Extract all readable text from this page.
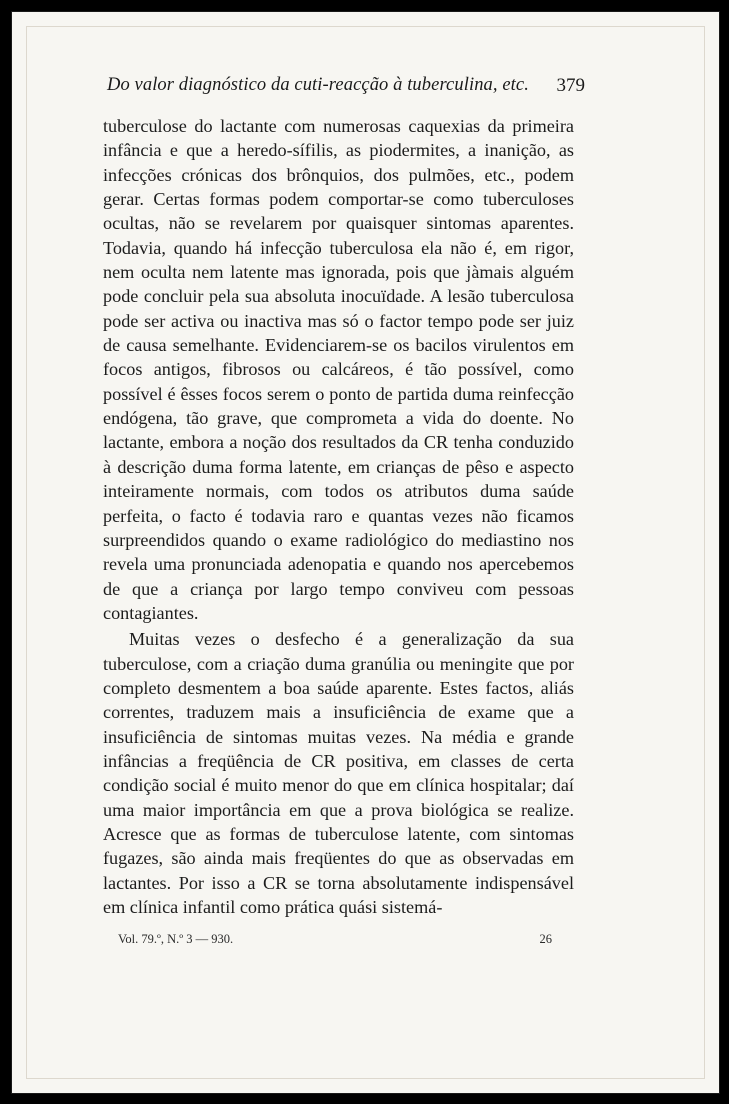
Do valor diagnóstico da cuti-reacção à tuberculina, etc. 379

tuberculose do lactante com numerosas caquexias da primeira infância e que a heredo-sífilis, as piodermites, a inanição, as infecções crónicas dos brônquios, dos pulmões, etc., podem gerar. Certas formas podem comportar-se como tuberculoses ocultas, não se revelarem por quaisquer sintomas aparentes. Todavia, quando há infecção tuberculosa ela não é, em rigor, nem oculta nem latente mas ignorada, pois que jàmais alguém pode concluir pela sua absoluta inocuïdade. A lesão tuberculosa pode ser activa ou inactiva mas só o factor tempo pode ser juiz de causa semelhante. Evidenciarem-se os bacilos virulentos em focos antigos, fibrosos ou calcáreos, é tão possível, como possível é êsses focos serem o ponto de partida duma reinfecção endógena, tão grave, que comprometa a vida do doente. No lactante, embora a noção dos resultados da CR tenha conduzido à descrição duma forma latente, em crianças de pêso e aspecto inteiramente normais, com todos os atributos duma saúde perfeita, o facto é todavia raro e quantas vezes não ficamos surpreendidos quando o exame radiológico do mediastino nos revela uma pronunciada adenopatia e quando nos apercebemos de que a criança por largo tempo conviveu com pessoas contagiantes.

Muitas vezes o desfecho é a generalização da sua tuberculose, com a criação duma granúlia ou meningite que por completo desmentem a boa saúde aparente. Estes factos, aliás correntes, traduzem mais a insuficiência de exame que a insuficiência de sintomas muitas vezes. Na média e grande infâncias a freqüência de CR positiva, em classes de certa condição social é muito menor do que em clínica hospitalar; daí uma maior importância em que a prova biológica se realize. Acresce que as formas de tuberculose latente, com sintomas fugazes, são ainda mais freqüentes do que as observadas em lactantes. Por isso a CR se torna absolutamente indispensável em clínica infantil como prática quási sistemá-

Vol. 79.º, N.º 3 — 930.	26
